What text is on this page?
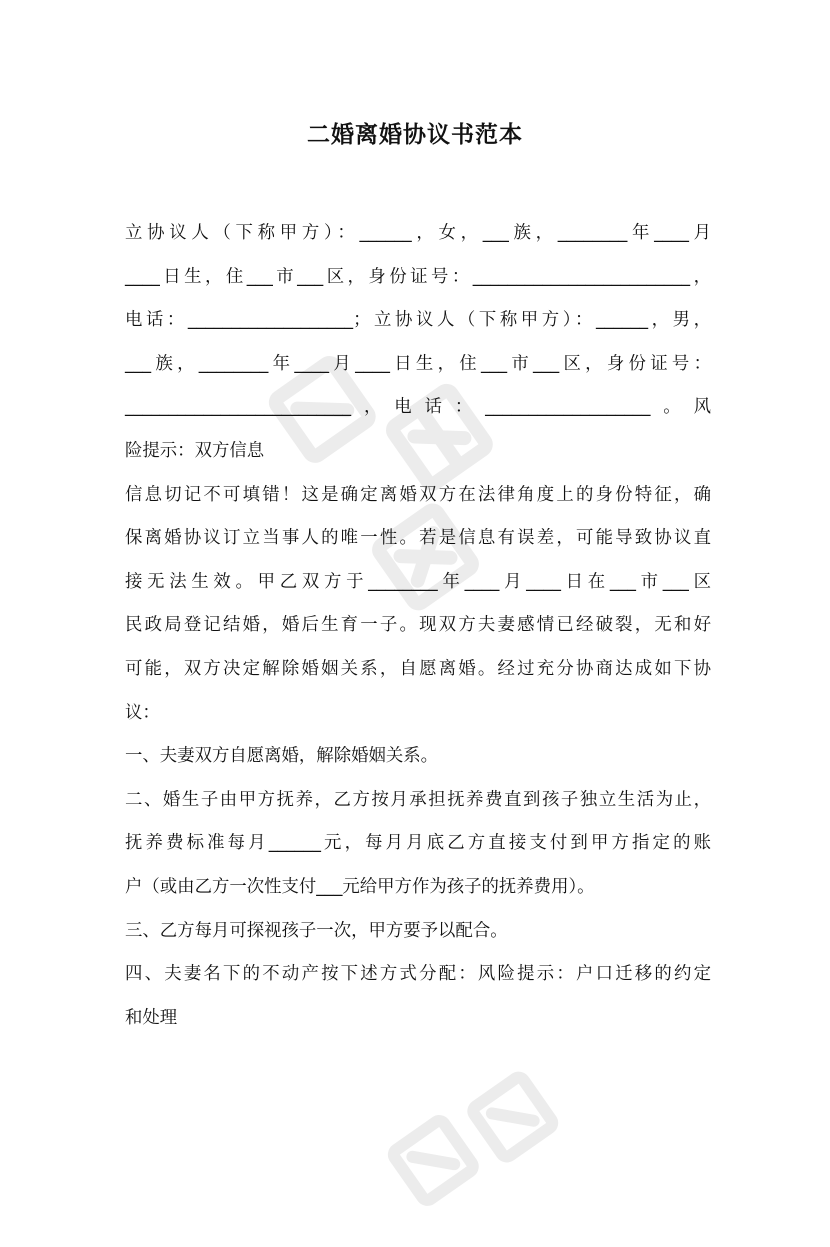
二婚离婚协议书范本
立协议人（下称甲方）：______，女，___族，________年____月
____日生，住___市___区，身份证号：_________________________，
电话：___________________；立协议人（下称甲方）：______，男，
___族，________年____月____日生，住___市___区，身份证号：
__________________________，电话：___________________。风
险提示：双方信息
信息切记不可填错！这是确定离婚双方在法律角度上的身份特征，确
保离婚协议订立当事人的唯一性。若是信息有误差，可能导致协议直
接无法生效。甲乙双方于________年____月____日在___市___区
民政局登记结婚，婚后生育一子。现双方夫妻感情已经破裂，无和好
可能，双方决定解除婚姻关系，自愿离婚。经过充分协商达成如下协
议：
一、夫妻双方自愿离婚，解除婚姻关系。
二、婚生子由甲方抚养，乙方按月承担抚养费直到孩子独立生活为止，
抚养费标准每月______元，每月月底乙方直接支付到甲方指定的账
户（或由乙方一次性支付___元给甲方作为孩子的抚养费用）。
三、乙方每月可探视孩子一次，甲方要予以配合。
四、夫妻名下的不动产按下述方式分配：风险提示：户口迁移的约定
和处理
